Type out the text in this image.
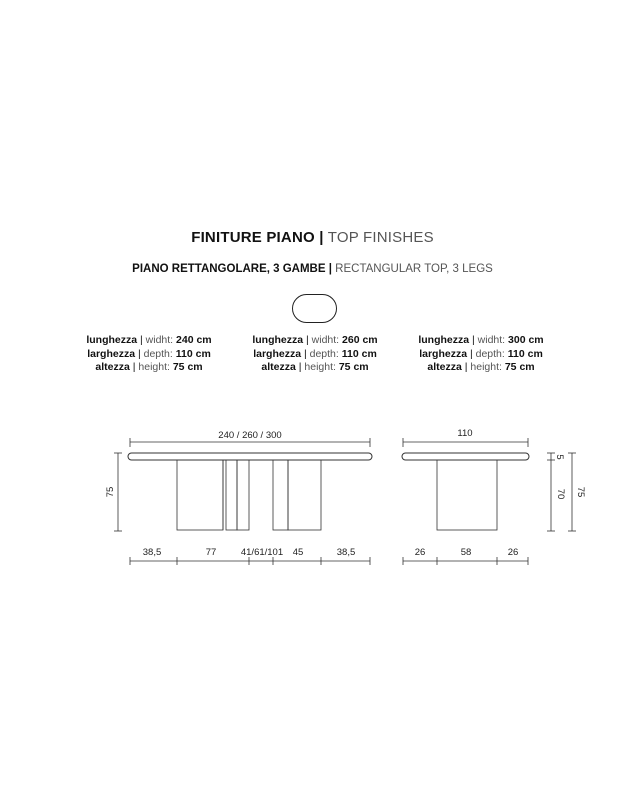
FINITURE PIANO | TOP FINISHES
PIANO RETTANGOLARE, 3 GAMBE | RECTANGULAR TOP, 3 LEGS
lunghezza | widht: 240 cm
larghezza | depth: 110 cm
altezza | height: 75 cm
lunghezza | widht: 260 cm
larghezza | depth: 110 cm
altezza | height: 75 cm
lunghezza | widht: 300 cm
larghezza | depth: 110 cm
altezza | height: 75 cm
240 / 260 / 300
75
38,5	77	41/61/101 45	38,5
110
5
70 75
26	58	26
